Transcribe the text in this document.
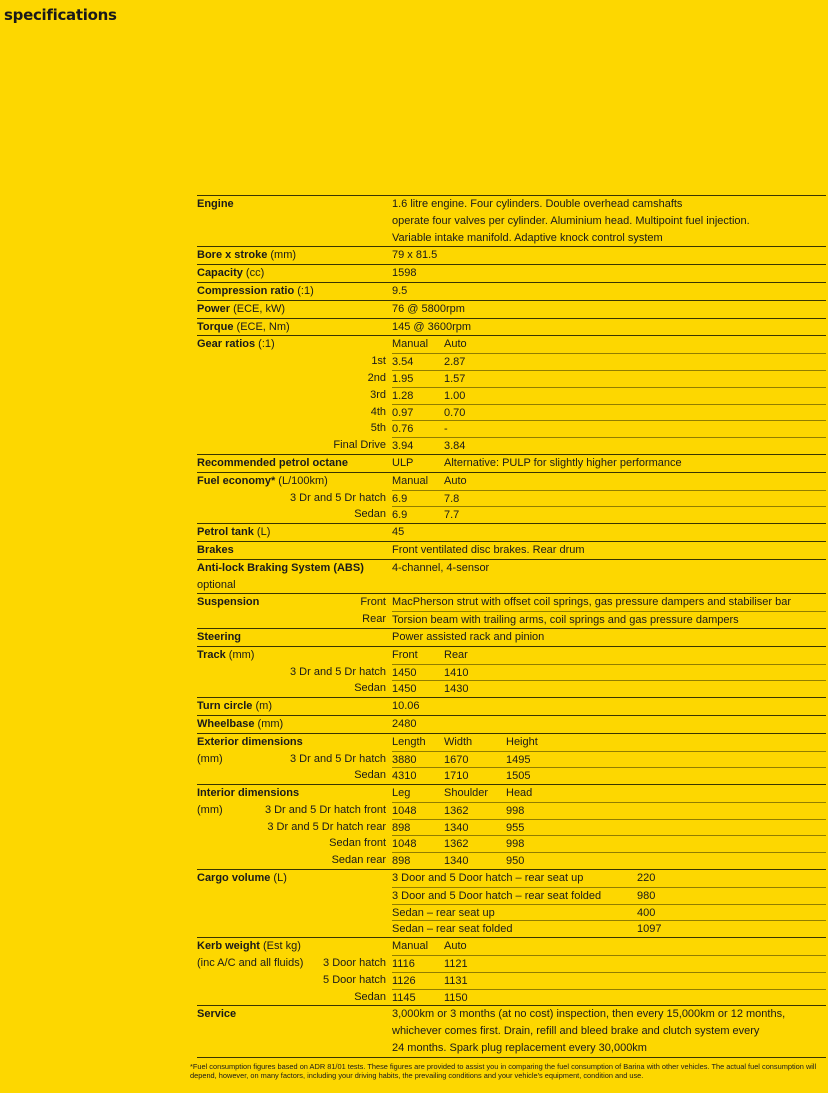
specifications
Engine	1.6 litre engine. Four cylinders. Double overhead camshafts
operate four valves per cylinder. Aluminium head. Multipoint fuel injection.
Variable intake manifold. Adaptive knock control system
Bore x stroke (mm)	79 x 81.5
Capacity (cc)	1598
Compression ratio (:1)	9.5
Power (ECE, kW)	76 @ 5800rpm
Torque (ECE, Nm)	145 @ 3600rpm
Gear ratios (:1)	Manual	Auto
1st 3.54	2.87
2nd 1.95	1.57
3rd 1.28	1.00
4th 0.97	0.70
5th 0.76	-
Final Drive 3.94	3.84
Recommended petrol octane	ULP	Alternative: PULP for slightly higher performance
Fuel economy* (L/100km)	Manual	Auto
3 Dr and 5 Dr hatch 6.9	7.8
Sedan 6.9	7.7
Petrol tank (L)	45
Brakes	Front ventilated disc brakes. Rear drum
Anti-lock Braking System (ABS)	4-channel, 4-sensor
optional
Suspension	Front MacPherson strut with offset coil springs, gas pressure dampers and stabiliser bar
Rear Torsion beam with trailing arms, coil springs and gas pressure dampers
Steering	Power assisted rack and pinion
Track (mm)	Front	Rear
3 Dr and 5 Dr hatch 1450	1410
Sedan 1450	1430
Turn circle (m)	10.06
Wheelbase (mm)	2480
Exterior dimensions	Length	Width	Height
(mm)	3 Dr and 5 Dr hatch 3880	1670	1495
Sedan 4310	1710	1505
Interior dimensions	Leg	Shoulder	Head
(mm)	3 Dr and 5 Dr hatch front 1048	1362	998
3 Dr and 5 Dr hatch rear 898	1340	955
Sedan front 1048	1362	998
Sedan rear 898	1340	950
Cargo volume (L)	3 Door and 5 Door hatch – rear seat up	220
3 Door and 5 Door hatch – rear seat folded	980
Sedan – rear seat up	400
Sedan – rear seat folded	1097
Kerb weight (Est kg)	Manual	Auto
(inc A/C and all fluids) 3 Door hatch 1116	1121
5 Door hatch 1126	1131
Sedan 1145	1150
Service	3,000km or 3 months (at no cost) inspection, then every 15,000km or 12 months,
whichever comes first. Drain, refill and bleed brake and clutch system every
24 months. Spark plug replacement every 30,000km
*Fuel consumption figures based on ADR 81/01 tests. These figures are provided to assist you in comparing the fuel consumption of Barina with other vehicles. The actual fuel consumption will depend, however, on many factors, including your driving habits, the prevailing conditions and your vehicle's equipment, condition and use.
